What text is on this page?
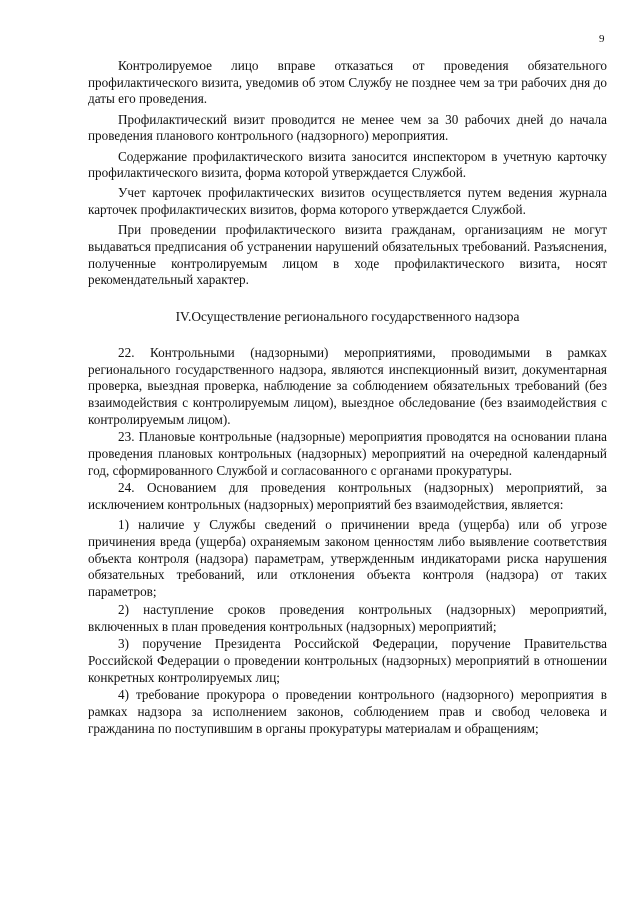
9

Контролируемое лицо вправе отказаться от проведения обязательного профилактического визита, уведомив об этом Службу не позднее чем за три рабочих дня до даты его проведения.

Профилактический визит проводится не менее чем за 30 рабочих дней до начала проведения планового контрольного (надзорного) мероприятия.

Содержание профилактического визита заносится инспектором в учетную карточку профилактического визита, форма которой утверждается Службой.

Учет карточек профилактических визитов осуществляется путем ведения журнала карточек профилактических визитов, форма которого утверждается Службой.

При проведении профилактического визита гражданам, организациям не могут выдаваться предписания об устранении нарушений обязательных требований. Разъяснения, полученные контролируемым лицом в ходе профилактического визита, носят рекомендательный характер.

IV.Осуществление регионального государственного надзора

22. Контрольными (надзорными) мероприятиями, проводимыми в рамках регионального государственного надзора, являются инспекционный визит, документарная проверка, выездная проверка, наблюдение за соблюдением обязательных требований (без взаимодействия с контролируемым лицом), выездное обследование (без взаимодействия с контролируемым лицом).

23. Плановые контрольные (надзорные) мероприятия проводятся на основании плана проведения плановых контрольных (надзорных) мероприятий на очередной календарный год, сформированного Службой и согласованного с органами прокуратуры.

24. Основанием для проведения контрольных (надзорных) мероприятий, за исключением контрольных (надзорных) мероприятий без взаимодействия, является:

1) наличие у Службы сведений о причинении вреда (ущерба) или об угрозе причинения вреда (ущерба) охраняемым законом ценностям либо выявление соответствия объекта контроля (надзора) параметрам, утвержденным индикаторами риска нарушения обязательных требований, или отклонения объекта контроля (надзора) от таких параметров;

2) наступление сроков проведения контрольных (надзорных) мероприятий, включенных в план проведения контрольных (надзорных) мероприятий;

3) поручение Президента Российской Федерации, поручение Правительства Российской Федерации о проведении контрольных (надзорных) мероприятий в отношении конкретных контролируемых лиц;

4) требование прокурора о проведении контрольного (надзорного) мероприятия в рамках надзора за исполнением законов, соблюдением прав и свобод человека и гражданина по поступившим в органы прокуратуры материалам и обращениям;
